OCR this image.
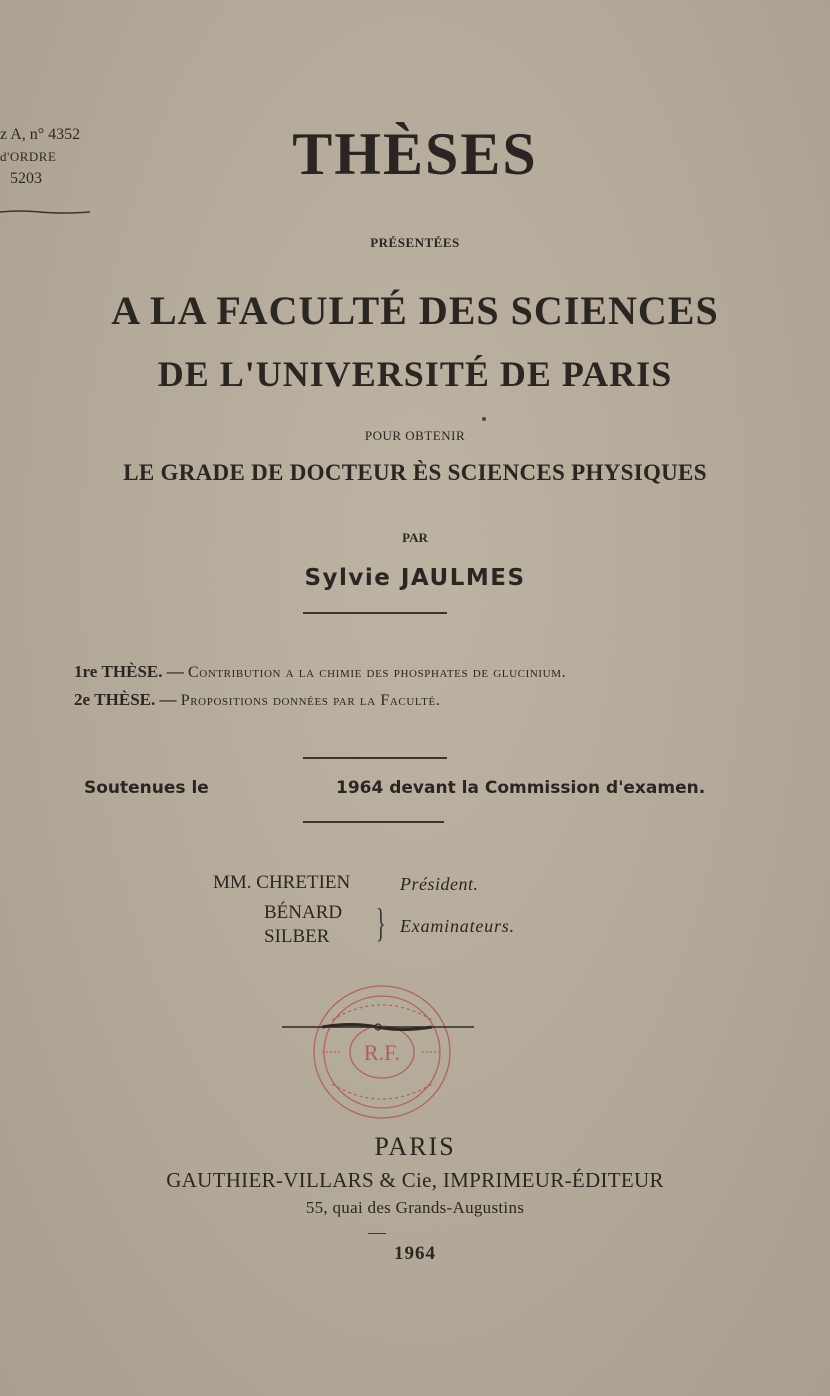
z A, n° 4352
d'ORDRE
5203	THÈSES
PRÉSENTÉES
A LA FACULTÉ DES SCIENCES
DE L'UNIVERSITÉ DE PARIS
POUR OBTENIR
LE GRADE DE DOCTEUR ÈS SCIENCES PHYSIQUES
PAR
Sylvie JAULMES
1re THÈSE. — Contribution a la chimie des phosphates de glucinium.
2e THÈSE. — Propositions données par la Faculté.
Soutenues le	1964 devant la Commission d'examen.
MM. CHRETIEN	Président.
BÉNARD
SILBER } Examinateurs.
R.F.
PARIS
GAUTHIER-VILLARS & Cie, IMPRIMEUR-ÉDITEUR
55, quai des Grands-Augustins
1964
